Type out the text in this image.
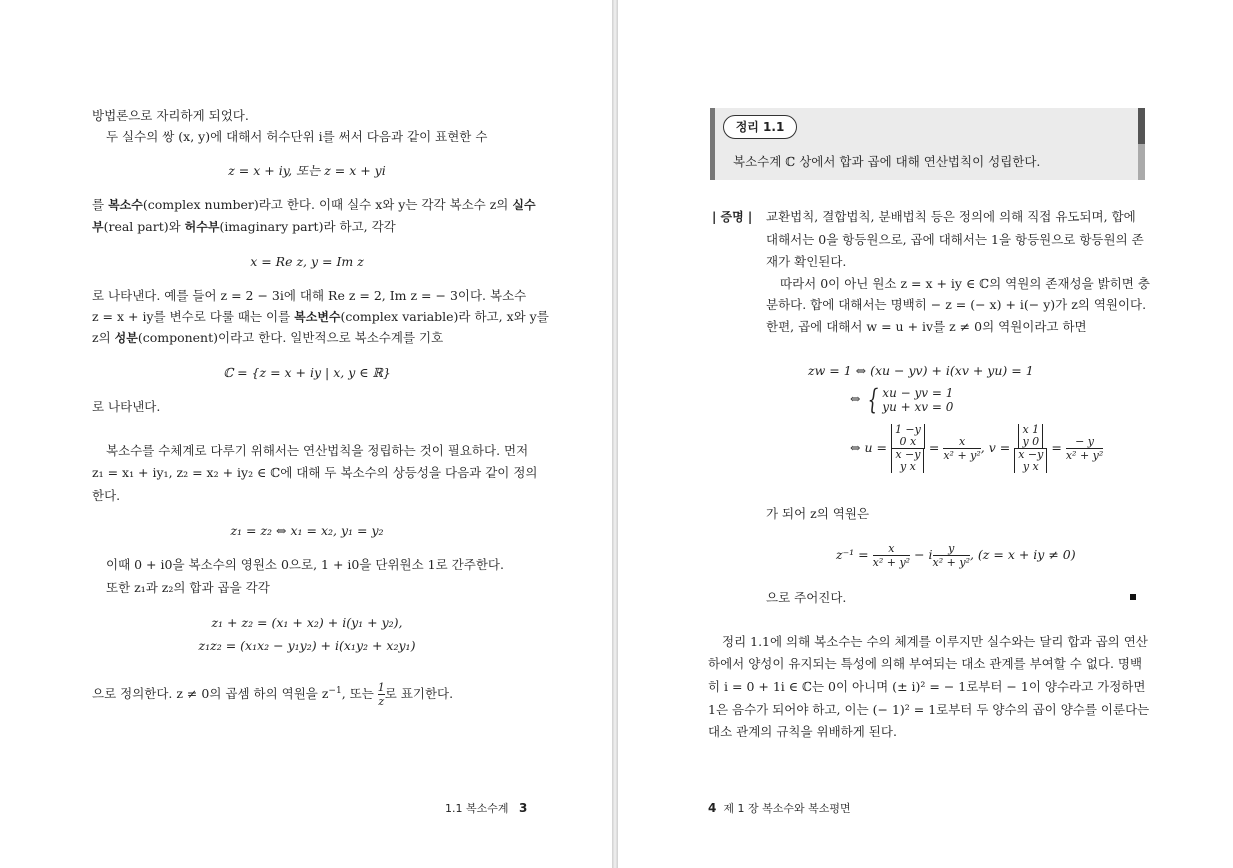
방법론으로 자리하게 되었다.
두 실수의 쌍 (x, y)에 대해서 허수단위 i를 써서 다음과 같이 표현한 수
z = x + iy, 또는 z = x + yi
를 복소수(complex number)라고 한다. 이때 실수 x와 y는 각각 복소수 z의 실수
부(real part)와 허수부(imaginary part)라 하고, 각각
x = Re z, y = Im z
로 나타낸다. 예를 들어 z = 2 − 3i에 대해 Re z = 2, Im z = − 3이다. 복소수
z = x + iy를 변수로 다룰 때는 이를 복소변수(complex variable)라 하고, x와 y를
z의 성분(component)이라고 한다. 일반적으로 복소수계를 기호
ℂ = {z = x + iy | x, y ∈ ℝ}
로 나타낸다.
복소수를 수체계로 다루기 위해서는 연산법칙을 정립하는 것이 필요하다. 먼저
z₁ = x₁ + iy₁, z₂ = x₂ + iy₂ ∈ ℂ에 대해 두 복소수의 상등성을 다음과 같이 정의
한다.
z₁ = z₂ ⇔ x₁ = x₂, y₁ = y₂
이때 0 + i0을 복소수의 영원소 0으로, 1 + i0을 단위원소 1로 간주한다.
또한 z₁과 z₂의 합과 곱을 각각
z₁ + z₂ = (x₁ + x₂) + i(y₁ + y₂),
z₁z₂ = (x₁x₂ − y₁y₂) + i(x₁y₂ + x₂y₁)
으로 정의한다. z ≠ 0의 곱셈 하의 역원을 $z^{-1}$, 또는 $\frac{1}{z}$ 로 표기한다.
1.1 복소수계 3
정리 1.1
복소수계 ℂ 상에서 합과 곱에 대해 연산법칙이 성립한다.
| 증명 | 교환법칙, 결합법칙, 분배법칙 등은 정의에 의해 직접 유도되며, 합에
대해서는 0을 항등원으로, 곱에 대해서는 1을 항등원으로 항등원의 존
재가 확인된다.
따라서 0이 아닌 원소 z = x + iy ∈ ℂ의 역원의 존재성을 밝히면 충
분하다. 합에 대해서는 명백히 − z = (− x) + i(− y)가 z의 역원이다.
한편, 곱에 대해서 w = u + iv를 z ≠ 0의 역원이라고 하면
zw = 1 ⇔ (xu − yv) + i(xv + yu) = 1
⇔ { xu − yv = 1
yu + xv = 0
⇔ u = 1 −y
0 x
x −y
y $x = \frac{x}{\text{x² + y²}}$ , v = x 1
y 0
x −y
y $x = \frac{- y}{\text{x² + y²}}$
가 되어 z의 역원은
$z^{-1} = \frac{x}{\text{x² + y²}} - i \frac{y}{\text{x² + y²}}$ , (z = x + iy ≠ 0)
으로 주어진다.
정리 1.1에 의해 복소수는 수의 체계를 이루지만 실수와는 달리 합과 곱의 연산
하에서 양성이 유지되는 특성에 의해 부여되는 대소 관계를 부여할 수 없다. 명백
히 i = 0 + 1i ∈ ℂ는 0이 아니며 (± i)² = − 1로부터 − 1이 양수라고 가정하면
1은 음수가 되어야 하고, 이는 (− 1)² = 1로부터 두 양수의 곱이 양수를 이룬다는
대소 관계의 규칙을 위배하게 된다.
4 제 1 장 복소수와 복소평면
